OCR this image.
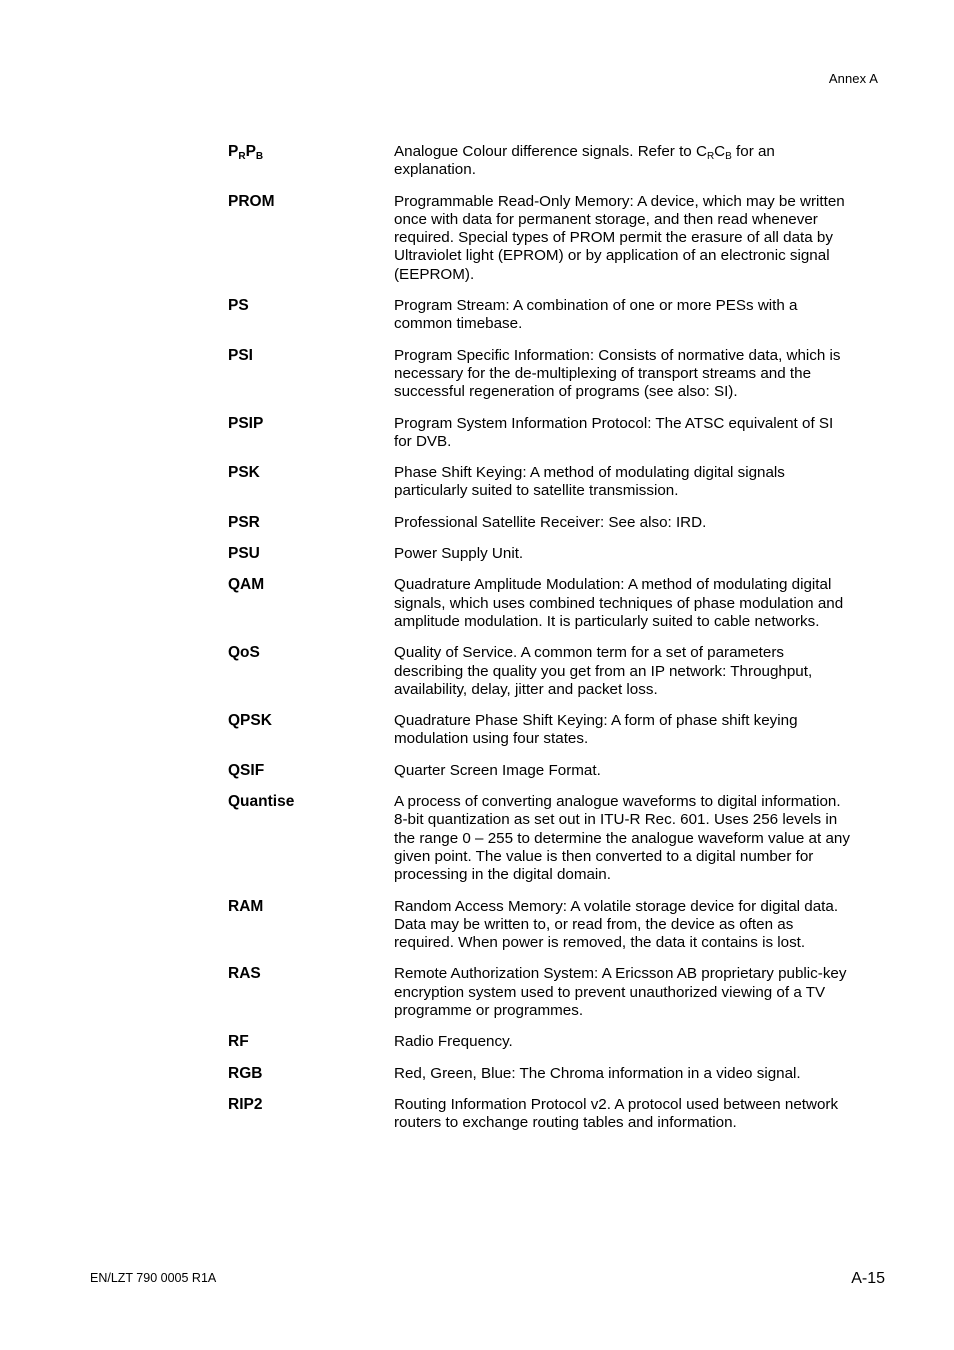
Annex A
$P_RP_B$	Analogue Colour difference signals. Refer to $C_RC_B$ for an
explanation.
PROM	Programmable Read-Only Memory: A device, which may be written
once with data for permanent storage, and then read whenever
required. Special types of PROM permit the erasure of all data by
Ultraviolet light (EPROM) or by application of an electronic signal
(EEPROM).
PS	Program Stream: A combination of one or more PESs with a
common timebase.
PSI	Program Specific Information: Consists of normative data, which is
necessary for the de-multiplexing of transport streams and the
successful regeneration of programs (see also: SI).
PSIP	Program System Information Protocol: The ATSC equivalent of SI
for DVB.
PSK	Phase Shift Keying: A method of modulating digital signals
particularly suited to satellite transmission.
PSR	Professional Satellite Receiver: See also: IRD.
PSU	Power Supply Unit.
QAM	Quadrature Amplitude Modulation: A method of modulating digital
signals, which uses combined techniques of phase modulation and
amplitude modulation. It is particularly suited to cable networks.
QoS	Quality of Service. A common term for a set of parameters
describing the quality you get from an IP network: Throughput,
availability, delay, jitter and packet loss.
QPSK	Quadrature Phase Shift Keying: A form of phase shift keying
modulation using four states.
QSIF	Quarter Screen Image Format.
Quantise	A process of converting analogue waveforms to digital information.
8-bit quantization as set out in ITU-R Rec. 601. Uses 256 levels in
the range 0 – 255 to determine the analogue waveform value at any
given point. The value is then converted to a digital number for
processing in the digital domain.
RAM	Random Access Memory: A volatile storage device for digital data.
Data may be written to, or read from, the device as often as
required. When power is removed, the data it contains is lost.
RAS	Remote Authorization System: A Ericsson AB proprietary public-key
encryption system used to prevent unauthorized viewing of a TV
programme or programmes.
RF	Radio Frequency.
RGB	Red, Green, Blue: The Chroma information in a video signal.
RIP2	Routing Information Protocol v2. A protocol used between network
routers to exchange routing tables and information.
EN/LZT 790 0005 R1A	A-15
